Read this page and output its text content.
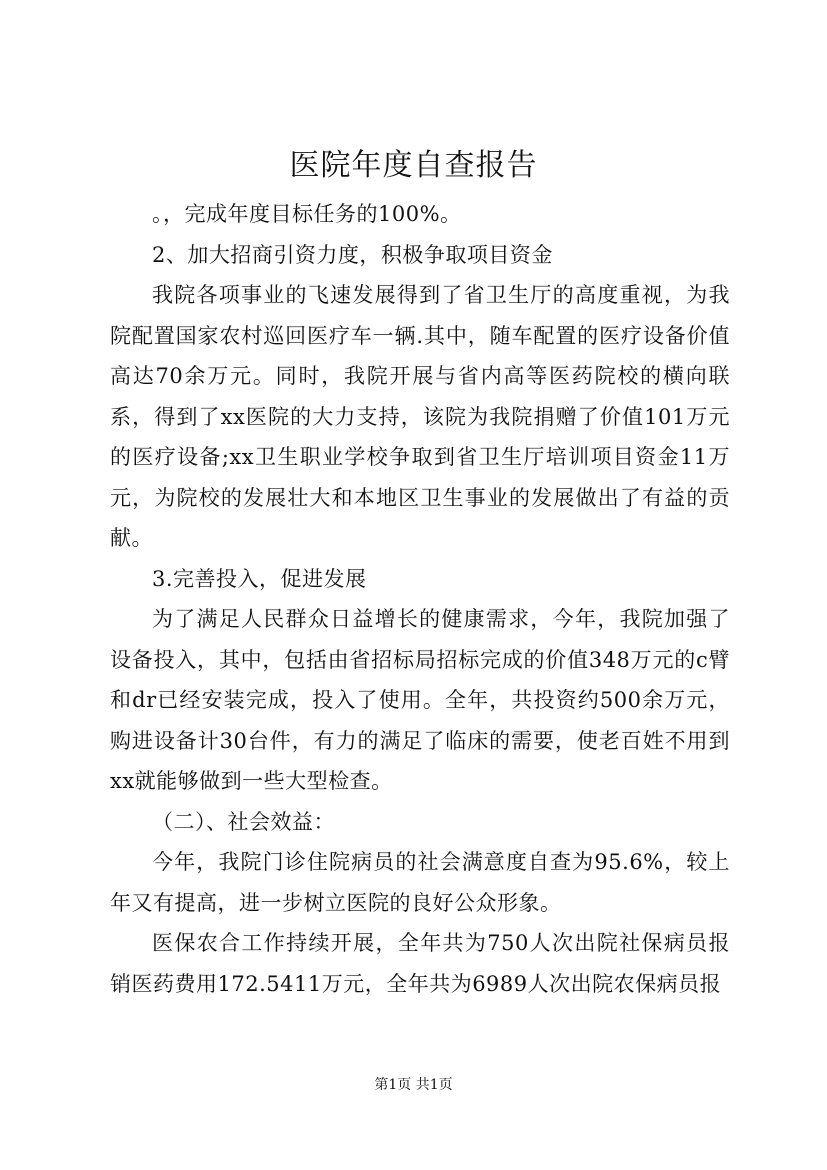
医院年度自查报告

。，完成年度目标任务的100%。

2、加大招商引资力度，积极争取项目资金

我院各项事业的飞速发展得到了省卫生厅的高度重视，为我院配置国家农村巡回医疗车一辆.其中，随车配置的医疗设备价值高达70余万元。同时，我院开展与省内高等医药院校的横向联系，得到了xx医院的大力支持，该院为我院捐赠了价值101万元的医疗设备;xx卫生职业学校争取到省卫生厅培训项目资金11万元，为院校的发展壮大和本地区卫生事业的发展做出了有益的贡献。

3.完善投入，促进发展

为了满足人民群众日益增长的健康需求，今年，我院加强了设备投入，其中，包括由省招标局招标完成的价值348万元的c臂和dr已经安装完成，投入了使用。全年，共投资约500余万元，购进设备计30台件，有力的满足了临床的需要，使老百姓不用到xx就能够做到一些大型检查。

（二）、社会效益：

今年，我院门诊住院病员的社会满意度自查为95.6%，较上年又有提高，进一步树立医院的良好公众形象。

医保农合工作持续开展，全年共为750人次出院社保病员报销医药费用172.5411万元，全年共为6989人次出院农保病员报

第1页 共1页
